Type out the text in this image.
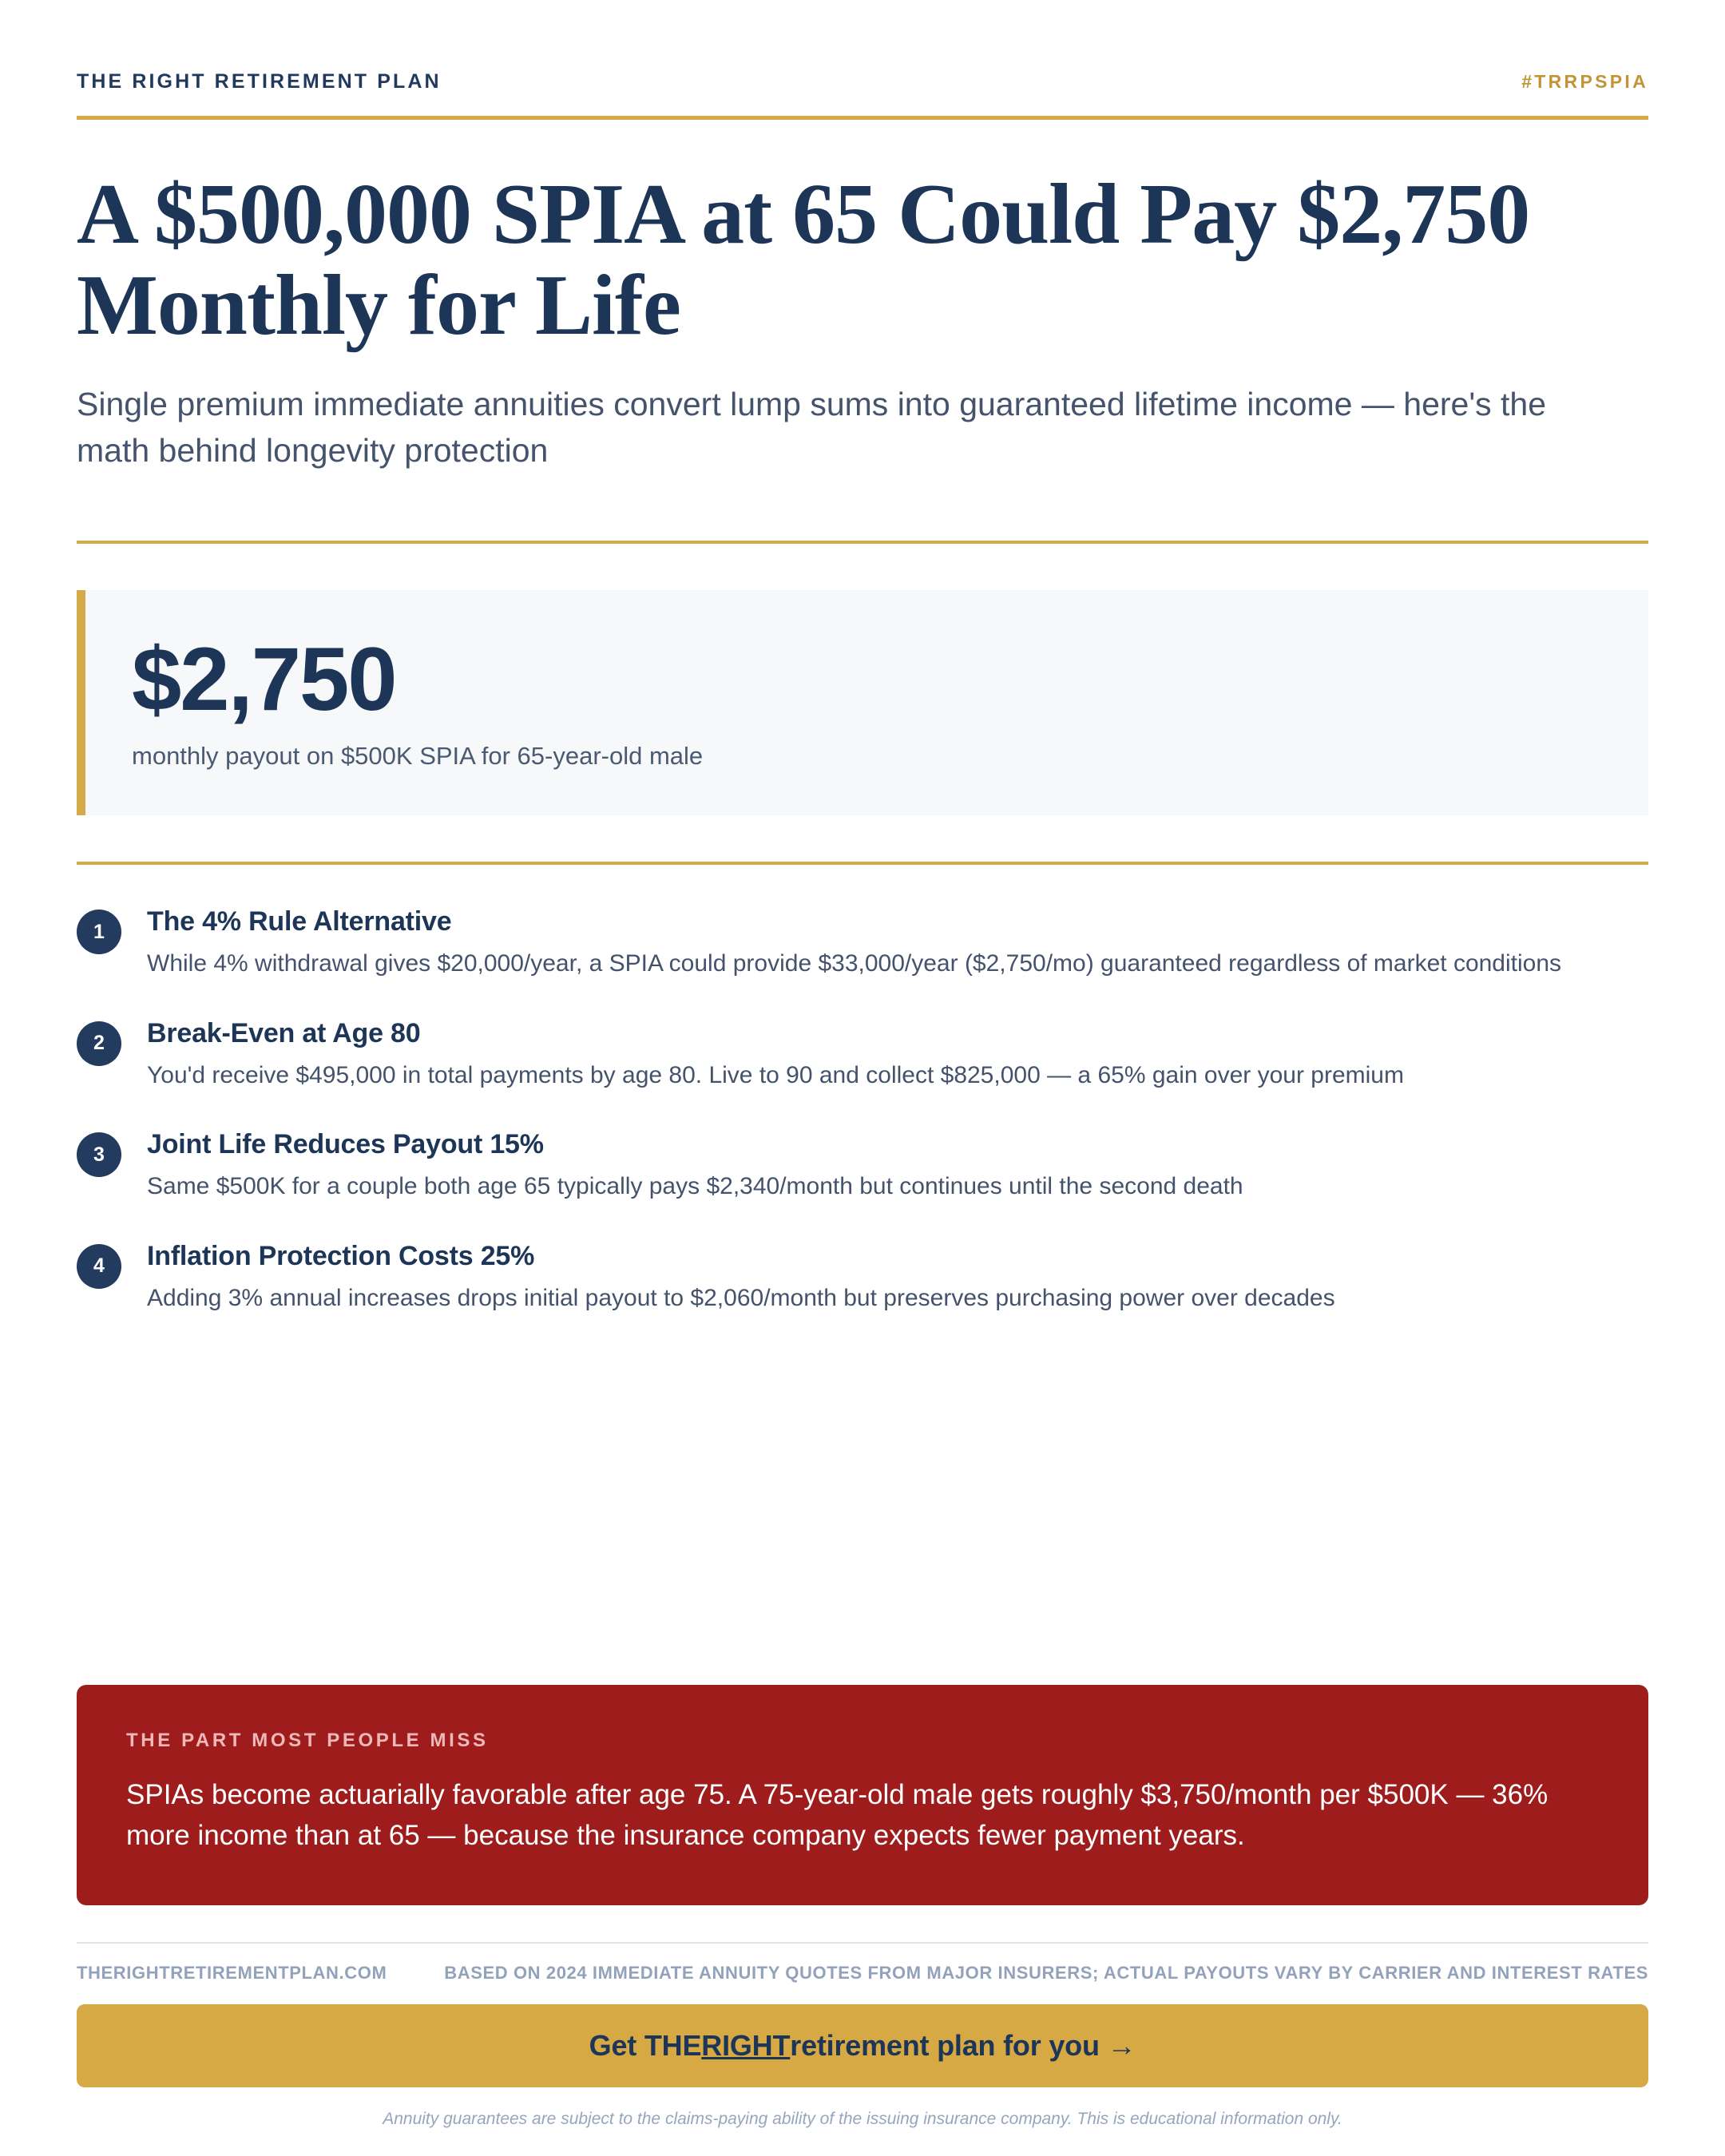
THE RIGHT RETIREMENT PLAN	#TRRPSPIA
A $500,000 SPIA at 65 Could Pay $2,750 Monthly for Life

Single premium immediate annuities convert lump sums into guaranteed lifetime income — here's the math behind longevity protection

$2,750
monthly payout on $500K SPIA for 65-year-old male
1	The 4% Rule Alternative
While 4% withdrawal gives $20,000/year, a SPIA could provide $33,000/year ($2,750/mo) guaranteed regardless of market conditions
2	Break-Even at Age 80
You'd receive $495,000 in total payments by age 80. Live to 90 and collect $825,000 — a 65% gain over your premium
3	Joint Life Reduces Payout 15%
Same $500K for a couple both age 65 typically pays $2,340/month but continues until the second death
4	Inflation Protection Costs 25%
Adding 3% annual increases drops initial payout to $2,060/month but preserves purchasing power over decades
THE PART MOST PEOPLE MISS
SPIAs become actuarially favorable after age 75. A 75-year-old male gets roughly $3,750/month per $500K — 36% more income than at 65 — because the insurance company expects fewer payment years.
THERIGHTRETIREMENTPLAN.COM	BASED ON 2024 IMMEDIATE ANNUITY QUOTES FROM MAJOR INSURERS; ACTUAL PAYOUTS VARY BY CARRIER AND INTEREST RATES
Get THE RIGHT retirement plan for you →
Annuity guarantees are subject to the claims-paying ability of the issuing insurance company. This is educational information only.
